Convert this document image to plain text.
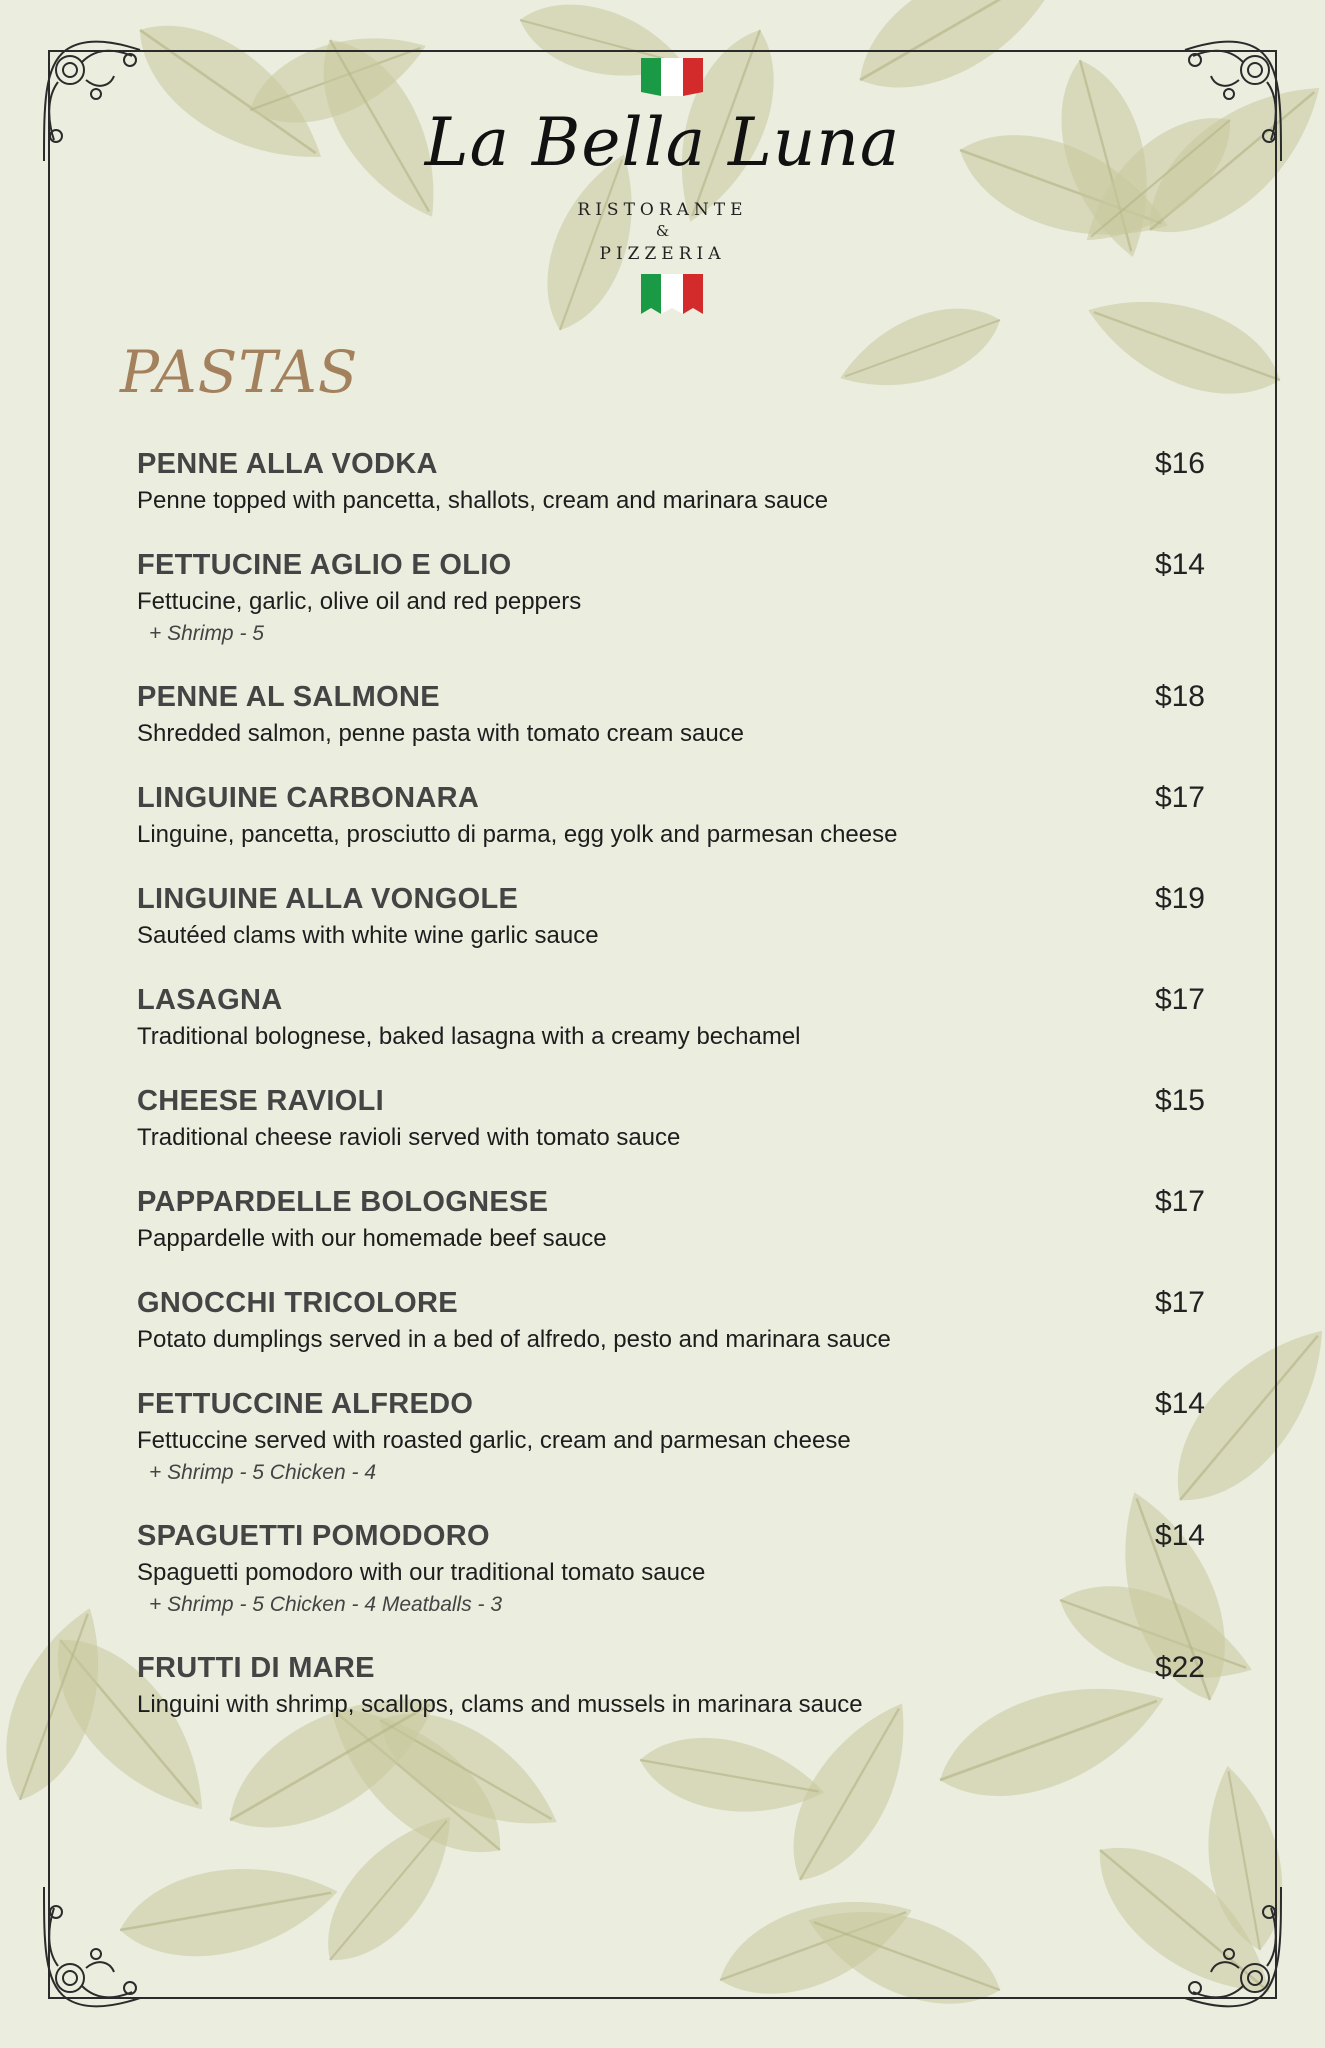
La Bella Luna
RISTORANTE
&
PIZZERIA
PASTAS
PENNE ALLA VODKA	$16
Penne topped with pancetta, shallots, cream and marinara sauce
FETTUCINE AGLIO E OLIO	$14
Fettucine, garlic, olive oil and red peppers
+ Shrimp - 5
PENNE AL SALMONE	$18
Shredded salmon, penne pasta with tomato cream sauce
LINGUINE CARBONARA	$17
Linguine, pancetta, prosciutto di parma, egg yolk and parmesan cheese
LINGUINE ALLA VONGOLE	$19
Sautéed clams with white wine garlic sauce
LASAGNA	$17
Traditional bolognese, baked lasagna with a creamy bechamel
CHEESE RAVIOLI	$15
Traditional cheese ravioli served with tomato sauce
PAPPARDELLE BOLOGNESE	$17
Pappardelle with our homemade beef sauce
GNOCCHI TRICOLORE	$17
Potato dumplings served in a bed of alfredo, pesto and marinara sauce
FETTUCCINE ALFREDO	$14
Fettuccine served with roasted garlic, cream and parmesan cheese
+ Shrimp - 5 Chicken - 4
SPAGUETTI POMODORO	$14
Spaguetti pomodoro with our traditional tomato sauce
+ Shrimp - 5 Chicken - 4 Meatballs - 3
FRUTTI DI MARE	$22
Linguini with shrimp, scallops, clams and mussels in marinara sauce
